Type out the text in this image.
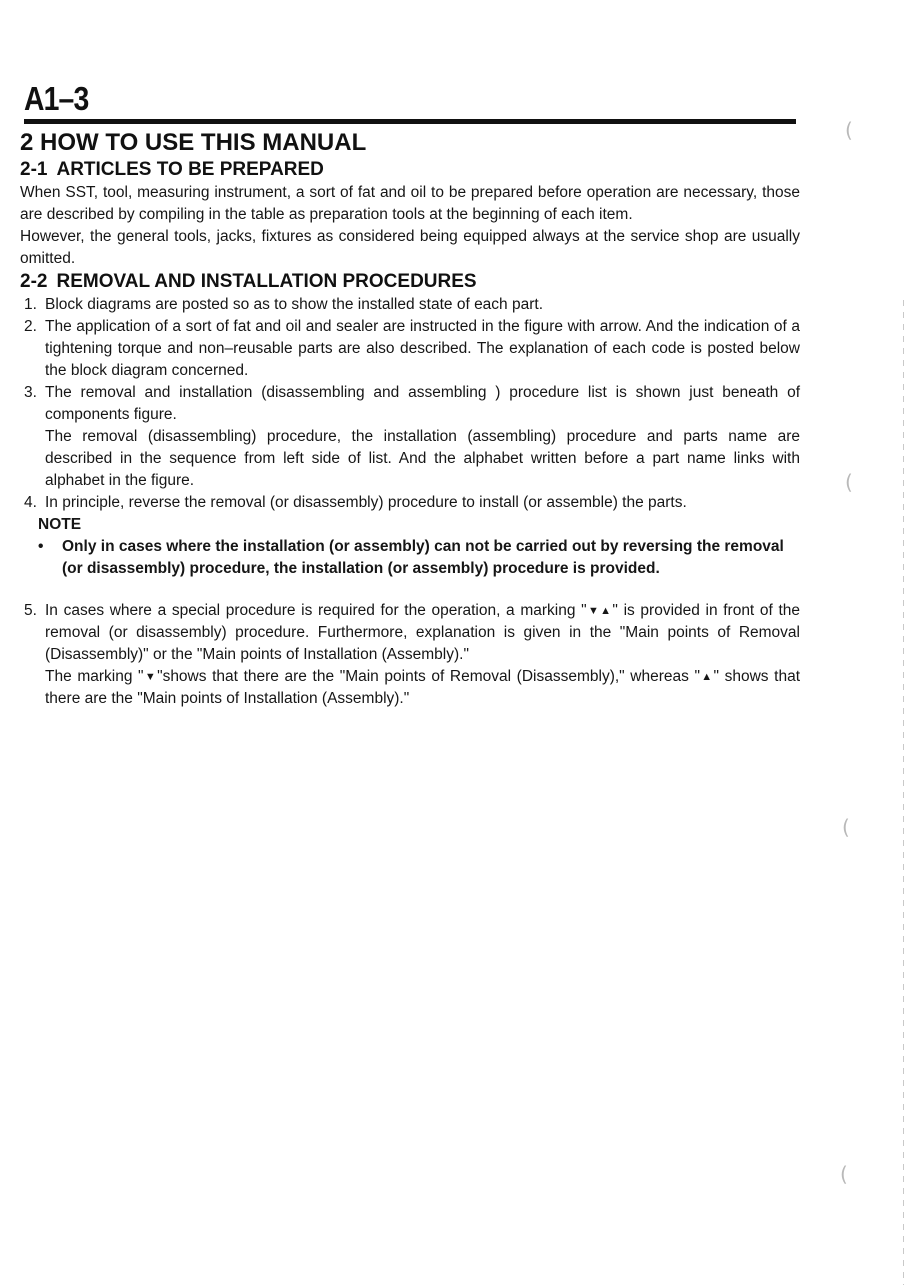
A1–3
2 HOW TO USE THIS MANUAL
2-1 ARTICLES TO BE PREPARED

When SST, tool, measuring instrument, a sort of fat and oil to be prepared before operation are necessary, those are described by compiling in the table as preparation tools at the beginning of each item.

However, the general tools, jacks, fixtures as considered being equipped always at the service shop are usually omitted.

2-2 REMOVAL AND INSTALLATION PROCEDURES
1. Block diagrams are posted so as to show the installed state of each part.
2. The application of a sort of fat and oil and sealer are instructed in the figure with arrow. And the indication of a tightening torque and non–reusable parts are also described. The explanation of each code is posted below the block diagram concerned.
3. The removal and installation (disassembling and assembling ) procedure list is shown just beneath of components figure.
The removal (disassembling) procedure, the installation (assembling) procedure and parts name are described in the sequence from left side of list. And the alphabet written before a part name links with alphabet in the figure.
4. In principle, reverse the removal (or disassembly) procedure to install (or assemble) the parts.
NOTE
• Only in cases where the installation (or assembly) can not be carried out by reversing the removal (or disassembly) procedure, the installation (or assembly) procedure is provided.
5. In cases where a special procedure is required for the operation, a marking "▼▲" is provided in front of the removal (or disassembly) procedure. Furthermore, explanation is given in the "Main points of Removal (Disassembly)" or the "Main points of Installation (Assembly)."
The marking "▼"shows that there are the "Main points of Removal (Disassembly)," whereas "▲" shows that there are the "Main points of Installation (Assembly)."
(
(
(
(
